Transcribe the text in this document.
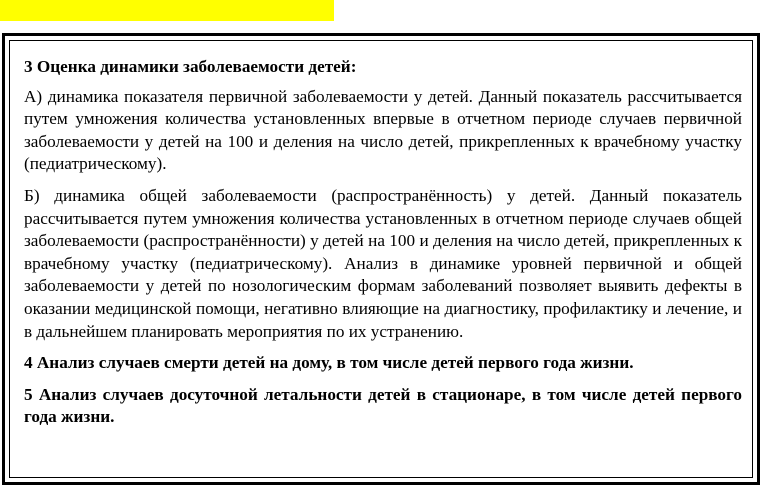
3 Оценка динамики заболеваемости детей:

А) динамика показателя первичной заболеваемости у детей. Данный показатель рассчитывается путем умножения количества установленных впервые в отчетном периоде случаев первичной заболеваемости у детей на 100 и деления на число детей, прикрепленных к врачебному участку (педиатрическому).

Б) динамика общей заболеваемости (распространённость) у детей. Данный показатель рассчитывается путем умножения количества установленных в отчетном периоде случаев общей заболеваемости (распространённости) у детей на 100 и деления на число детей, прикрепленных к врачебному участку (педиатрическому). Анализ в динамике уровней первичной и общей заболеваемости у детей по нозологическим формам заболеваний позволяет выявить дефекты в оказании медицинской помощи, негативно влияющие на диагностику, профилактику и лечение, и в дальнейшем планировать мероприятия по их устранению.

4 Анализ случаев смерти детей на дому, в том числе детей первого года жизни.

5 Анализ случаев досуточной летальности детей в стационаре, в том числе детей первого года жизни.
